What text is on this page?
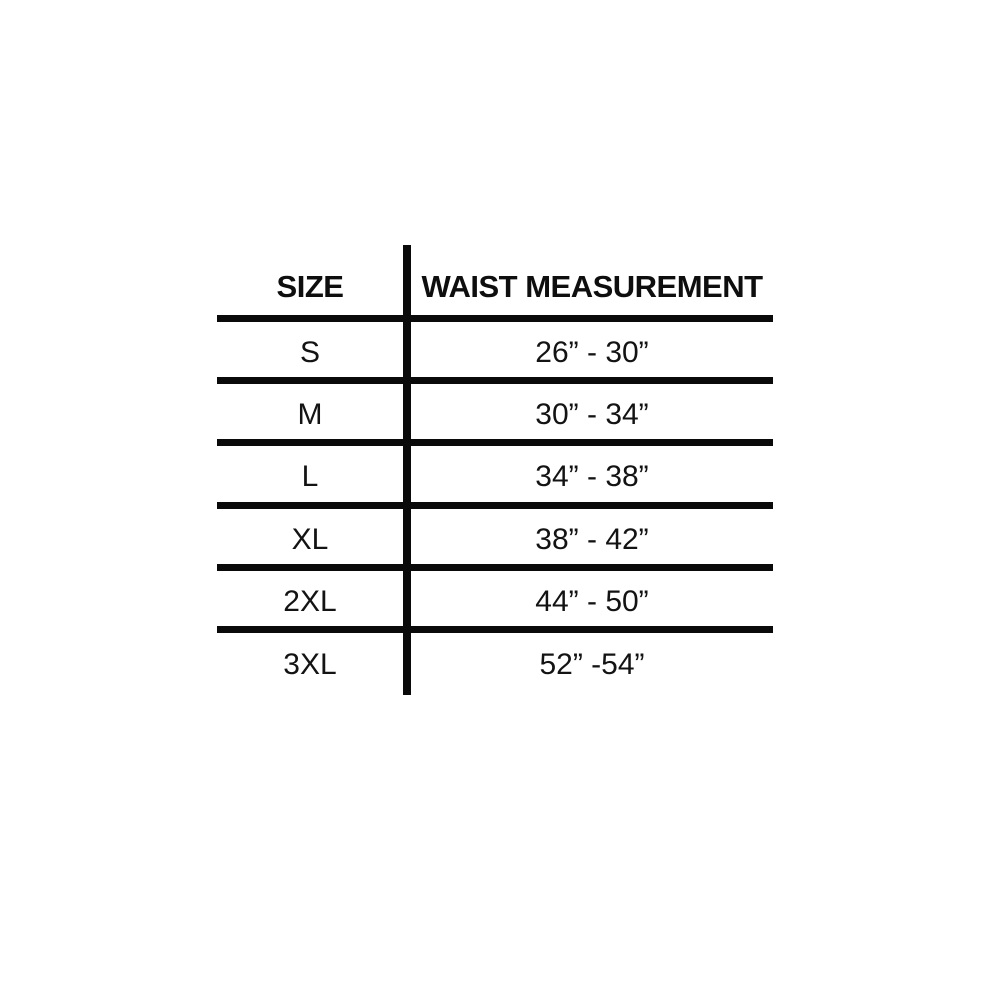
SIZE	WAIST MEASUREMENT
S	26” - 30”
M	30” - 34”
L	34” - 38”
XL	38” - 42”
2XL	44” - 50”
3XL	52” -54”
